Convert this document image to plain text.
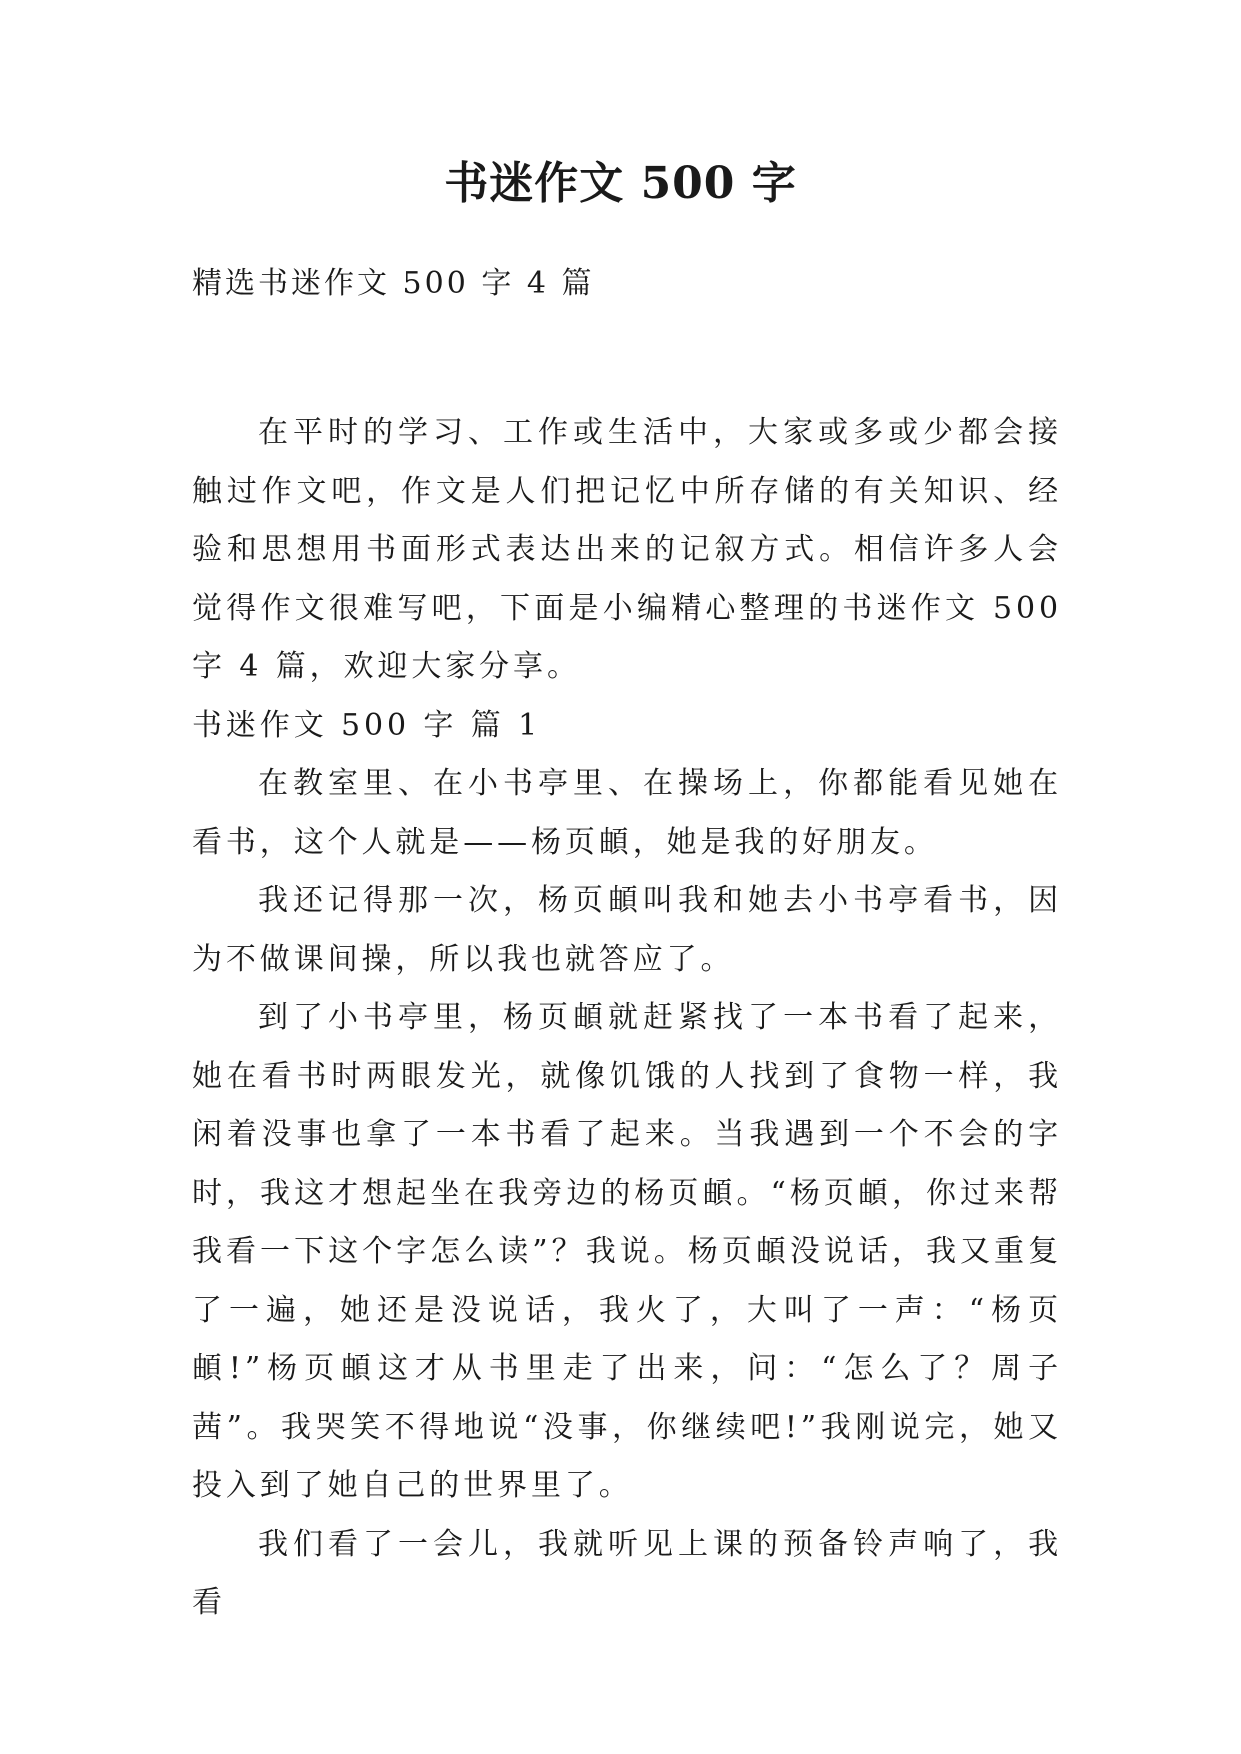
书迷作文 500 字
精选书迷作文 500 字 4 篇

在平时的学习、工作或生活中，大家或多或少都会接触过作文吧，作文是人们把记忆中所存储的有关知识、经验和思想用书面形式表达出来的记叙方式。相信许多人会觉得作文很难写吧，下面是小编精心整理的书迷作文 500 字 4 篇，欢迎大家分享。

书迷作文 500 字 篇 1

在教室里、在小书亭里、在操场上，你都能看见她在看书，这个人就是——杨页頔，她是我的好朋友。

我还记得那一次，杨页頔叫我和她去小书亭看书，因为不做课间操，所以我也就答应了。

到了小书亭里，杨页頔就赶紧找了一本书看了起来，她在看书时两眼发光，就像饥饿的人找到了食物一样，我闲着没事也拿了一本书看了起来。当我遇到一个不会的字时，我这才想起坐在我旁边的杨页頔。“杨页頔，你过来帮我看一下这个字怎么读”？我说。杨页頔没说话，我又重复了一遍，她还是没说话，我火了，大叫了一声：“杨页頔!”杨页頔这才从书里走了出来，问：“怎么了？周子茜”。我哭笑不得地说“没事，你继续吧!”我刚说完，她又投入到了她自己的世界里了。

我们看了一会儿，我就听见上课的预备铃声响了，我看
